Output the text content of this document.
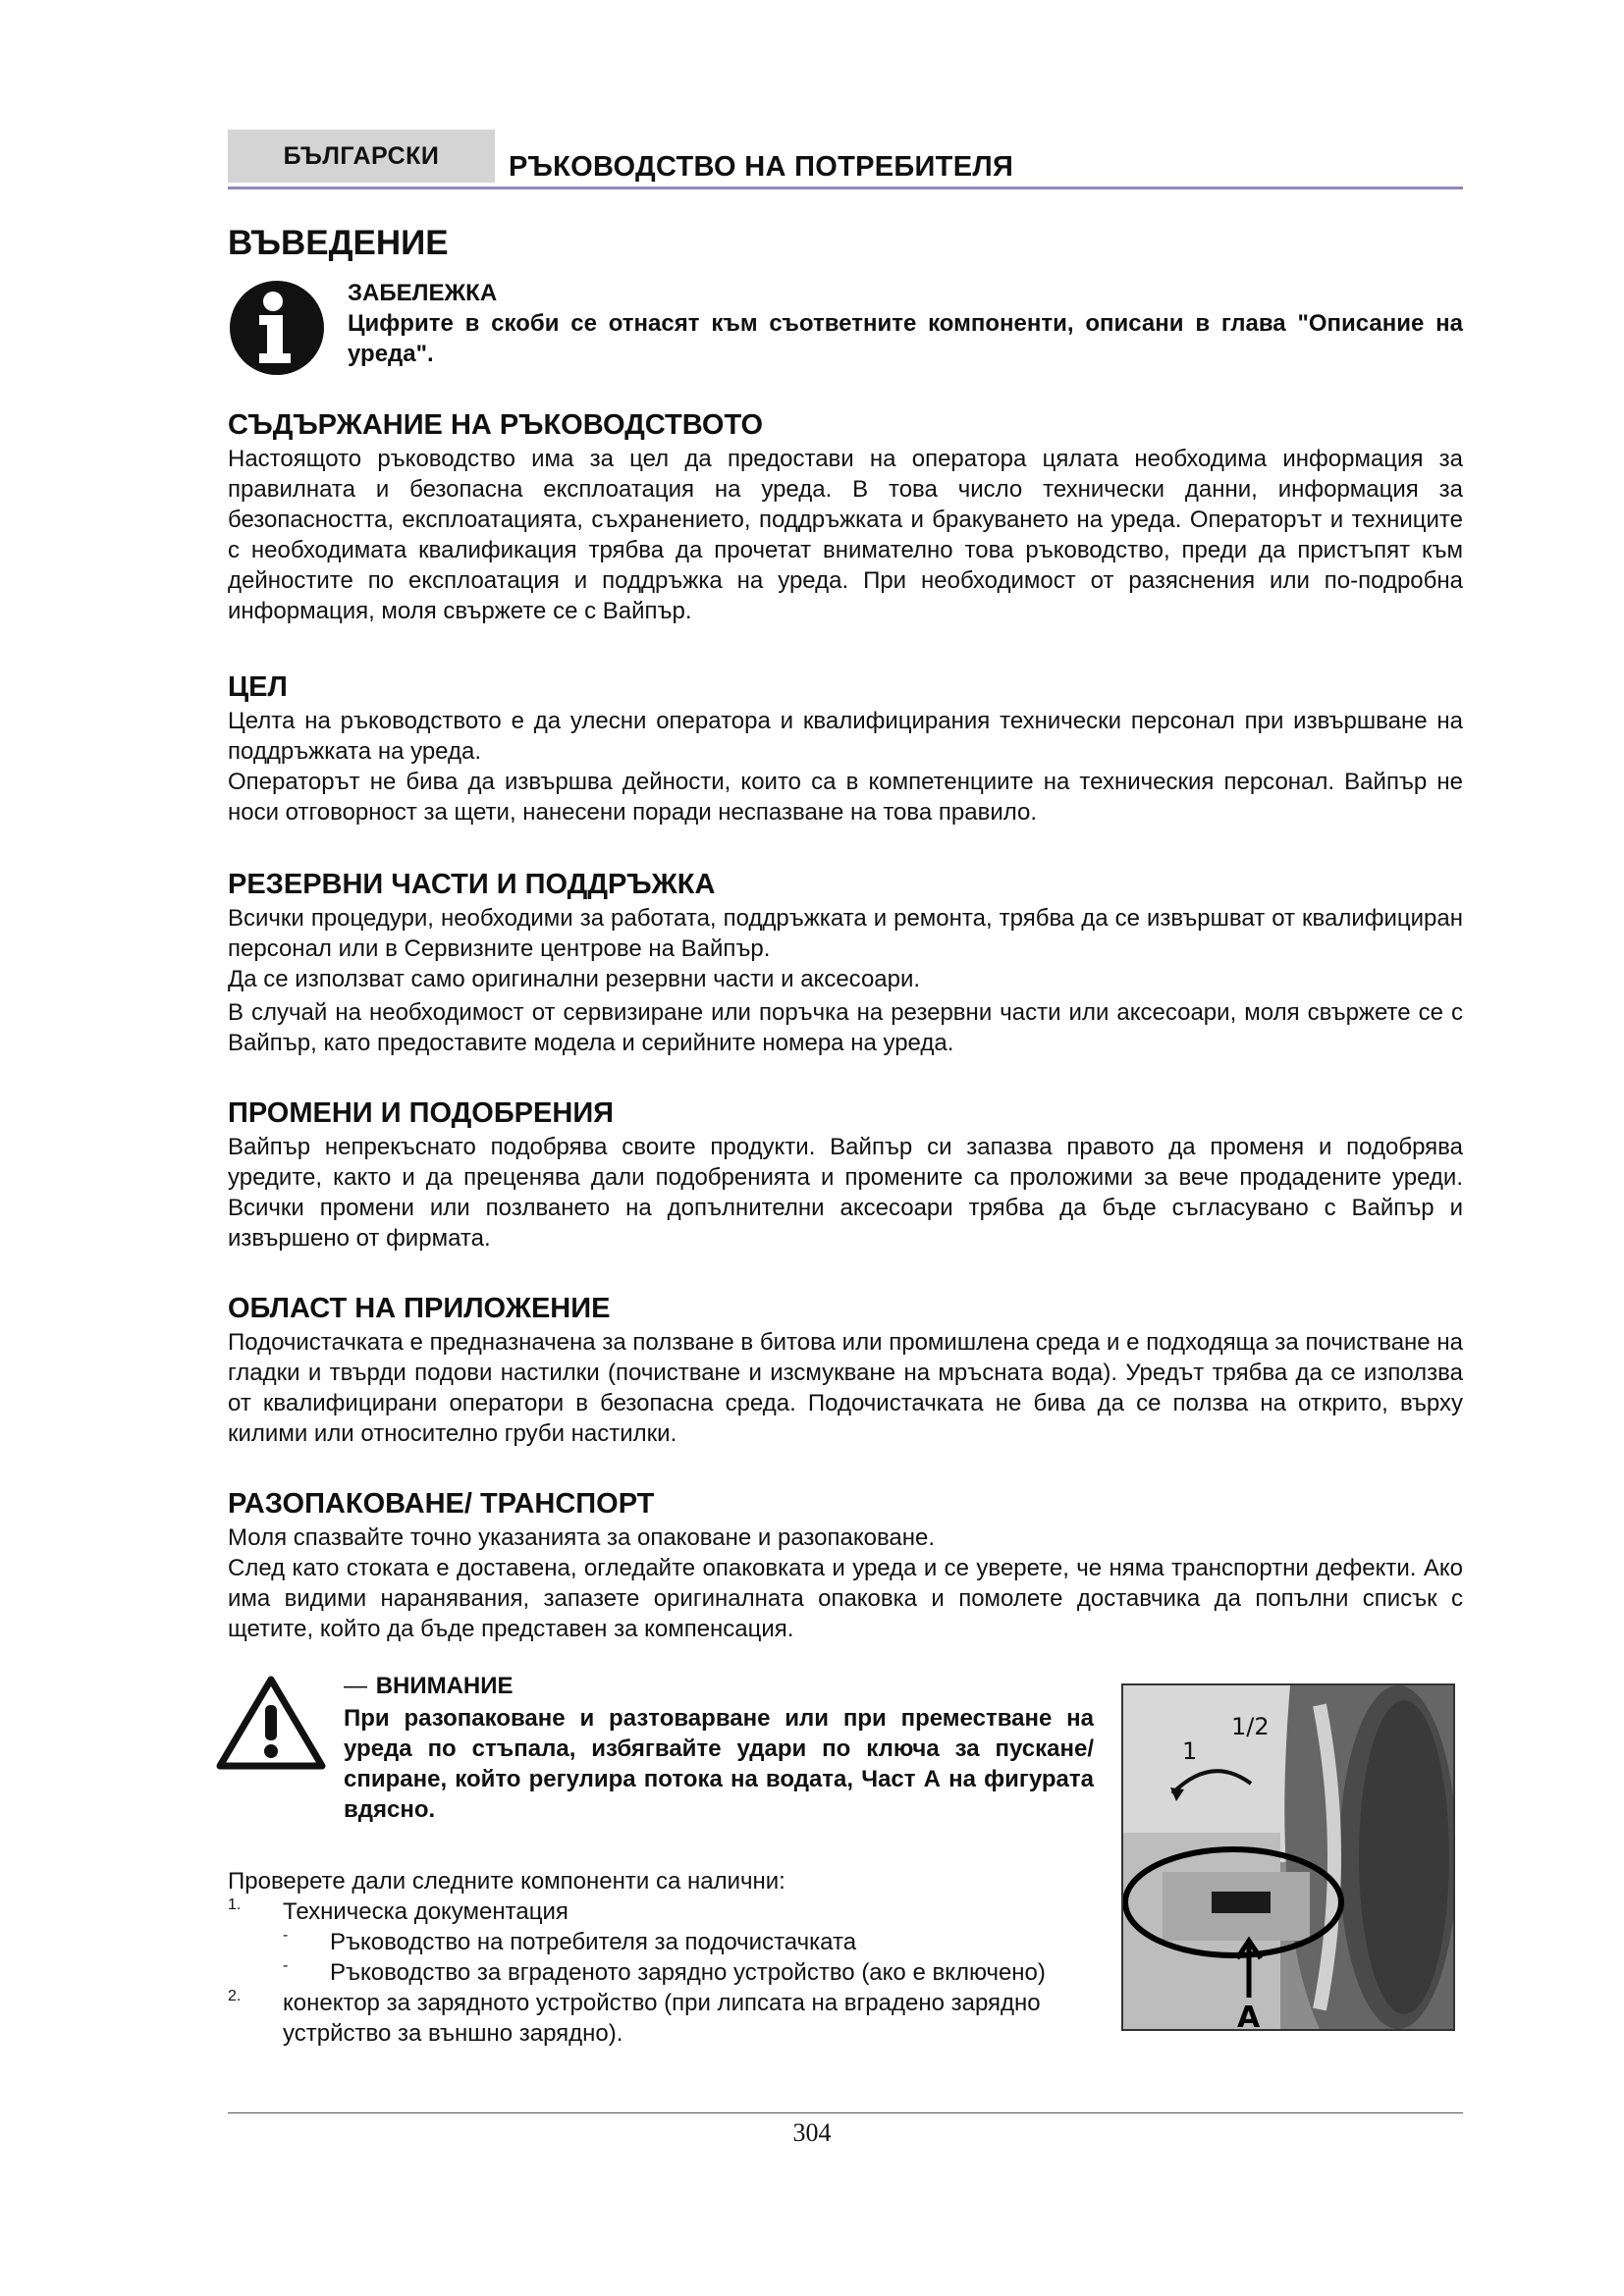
БЪЛГАРСКИ	РЪКОВОДСТВО НА ПОТРЕБИТЕЛЯ
ВЪВЕДЕНИЕ
ЗАБЕЛЕЖКА
Цифрите в скоби се отнасят към съответните компоненти, описани в глава "Описание на уреда".
СЪДЪРЖАНИЕ НА РЪКОВОДСТВОТО

Настоящото ръководство има за цел да предостави на оператора цялата необходима информация за правилната и безопасна експлоатация на уреда. В това число технически данни, информация за безопасността, експлоатацията, съхранението, поддръжката и бракуването на уреда. Операторът и техниците с необходимата квалификация трябва да прочетат внимателно това ръководство, преди да пристъпят към дейностите по експлоатация и поддръжка на уреда. При необходимост от разяснения или по-подробна информация, моля свържете се с Вайпър.

ЦЕЛ

Целта на ръководството е да улесни оператора и квалифицирания технически персонал при извършване на поддръжката на уреда.

Операторът не бива да извършва дейности, които са в компетенциите на техническия персонал. Вайпър не носи отговорност за щети, нанесени поради неспазване на това правило.

РЕЗЕРВНИ ЧАСТИ И ПОДДРЪЖКА

Всички процедури, необходими за работата, поддръжката и ремонта, трябва да се извършват от квалифициран персонал или в Сервизните центрове на Вайпър.

Да се използват само оригинални резервни части и аксесоари.

В случай на необходимост от сервизиране или поръчка на резервни части или аксесоари, моля свържете се с Вайпър, като предоставите модела и серийните номера на уреда.

ПРОМЕНИ И ПОДОБРЕНИЯ

Вайпър непрекъснато подобрява своите продукти. Вайпър си запазва правото да променя и подобрява уредите, както и да преценява дали подобренията и промените са проложими за вече продадените уреди. Всички промени или позлването на допълнителни аксесоари трябва да бъде съгласувано с Вайпър и извършено от фирмата.

ОБЛАСТ НА ПРИЛОЖЕНИЕ

Подочистачката е предназначена за ползване в битова или промишлена среда и е подходяща за почистване на гладки и твърди подови настилки (почистване и изсмукване на мръсната вода). Уредът трябва да се използва от квалифицирани оператори в безопасна среда. Подочистачката не бива да се ползва на открито, върху килими или относително груби настилки.

РАЗОПАКОВАНЕ/ ТРАНСПОРТ

Моля спазвайте точно указанията за опаковане и разопаковане.

След като стоката е доставена, огледайте опаковката и уреда и се уверете, че няма транспортни дефекти. Ако има видими наранявания, запазете оригиналната опаковка и помолете доставчика да попълни списък с щетите, който да бъде представен за компенсация.

—  ВНИМАНИЕ
При разопаковане и разтоварване или при преместване на уреда по стъпала, избягвайте удари по ключа за пускане/спиране, който регулира потока на водата, Част А на фигурата вдясно.
1
1/2
A

Проверете дали следните компоненти са налични:

1.	Техническа документация

-	Ръководство на потребителя за подочистачката

-	Ръководство за вграденото зарядно устройство (ако е включено)

2.	конектор за зарядното устройство (при липсата на вградено зарядно устрйство за външно зарядно).

304
